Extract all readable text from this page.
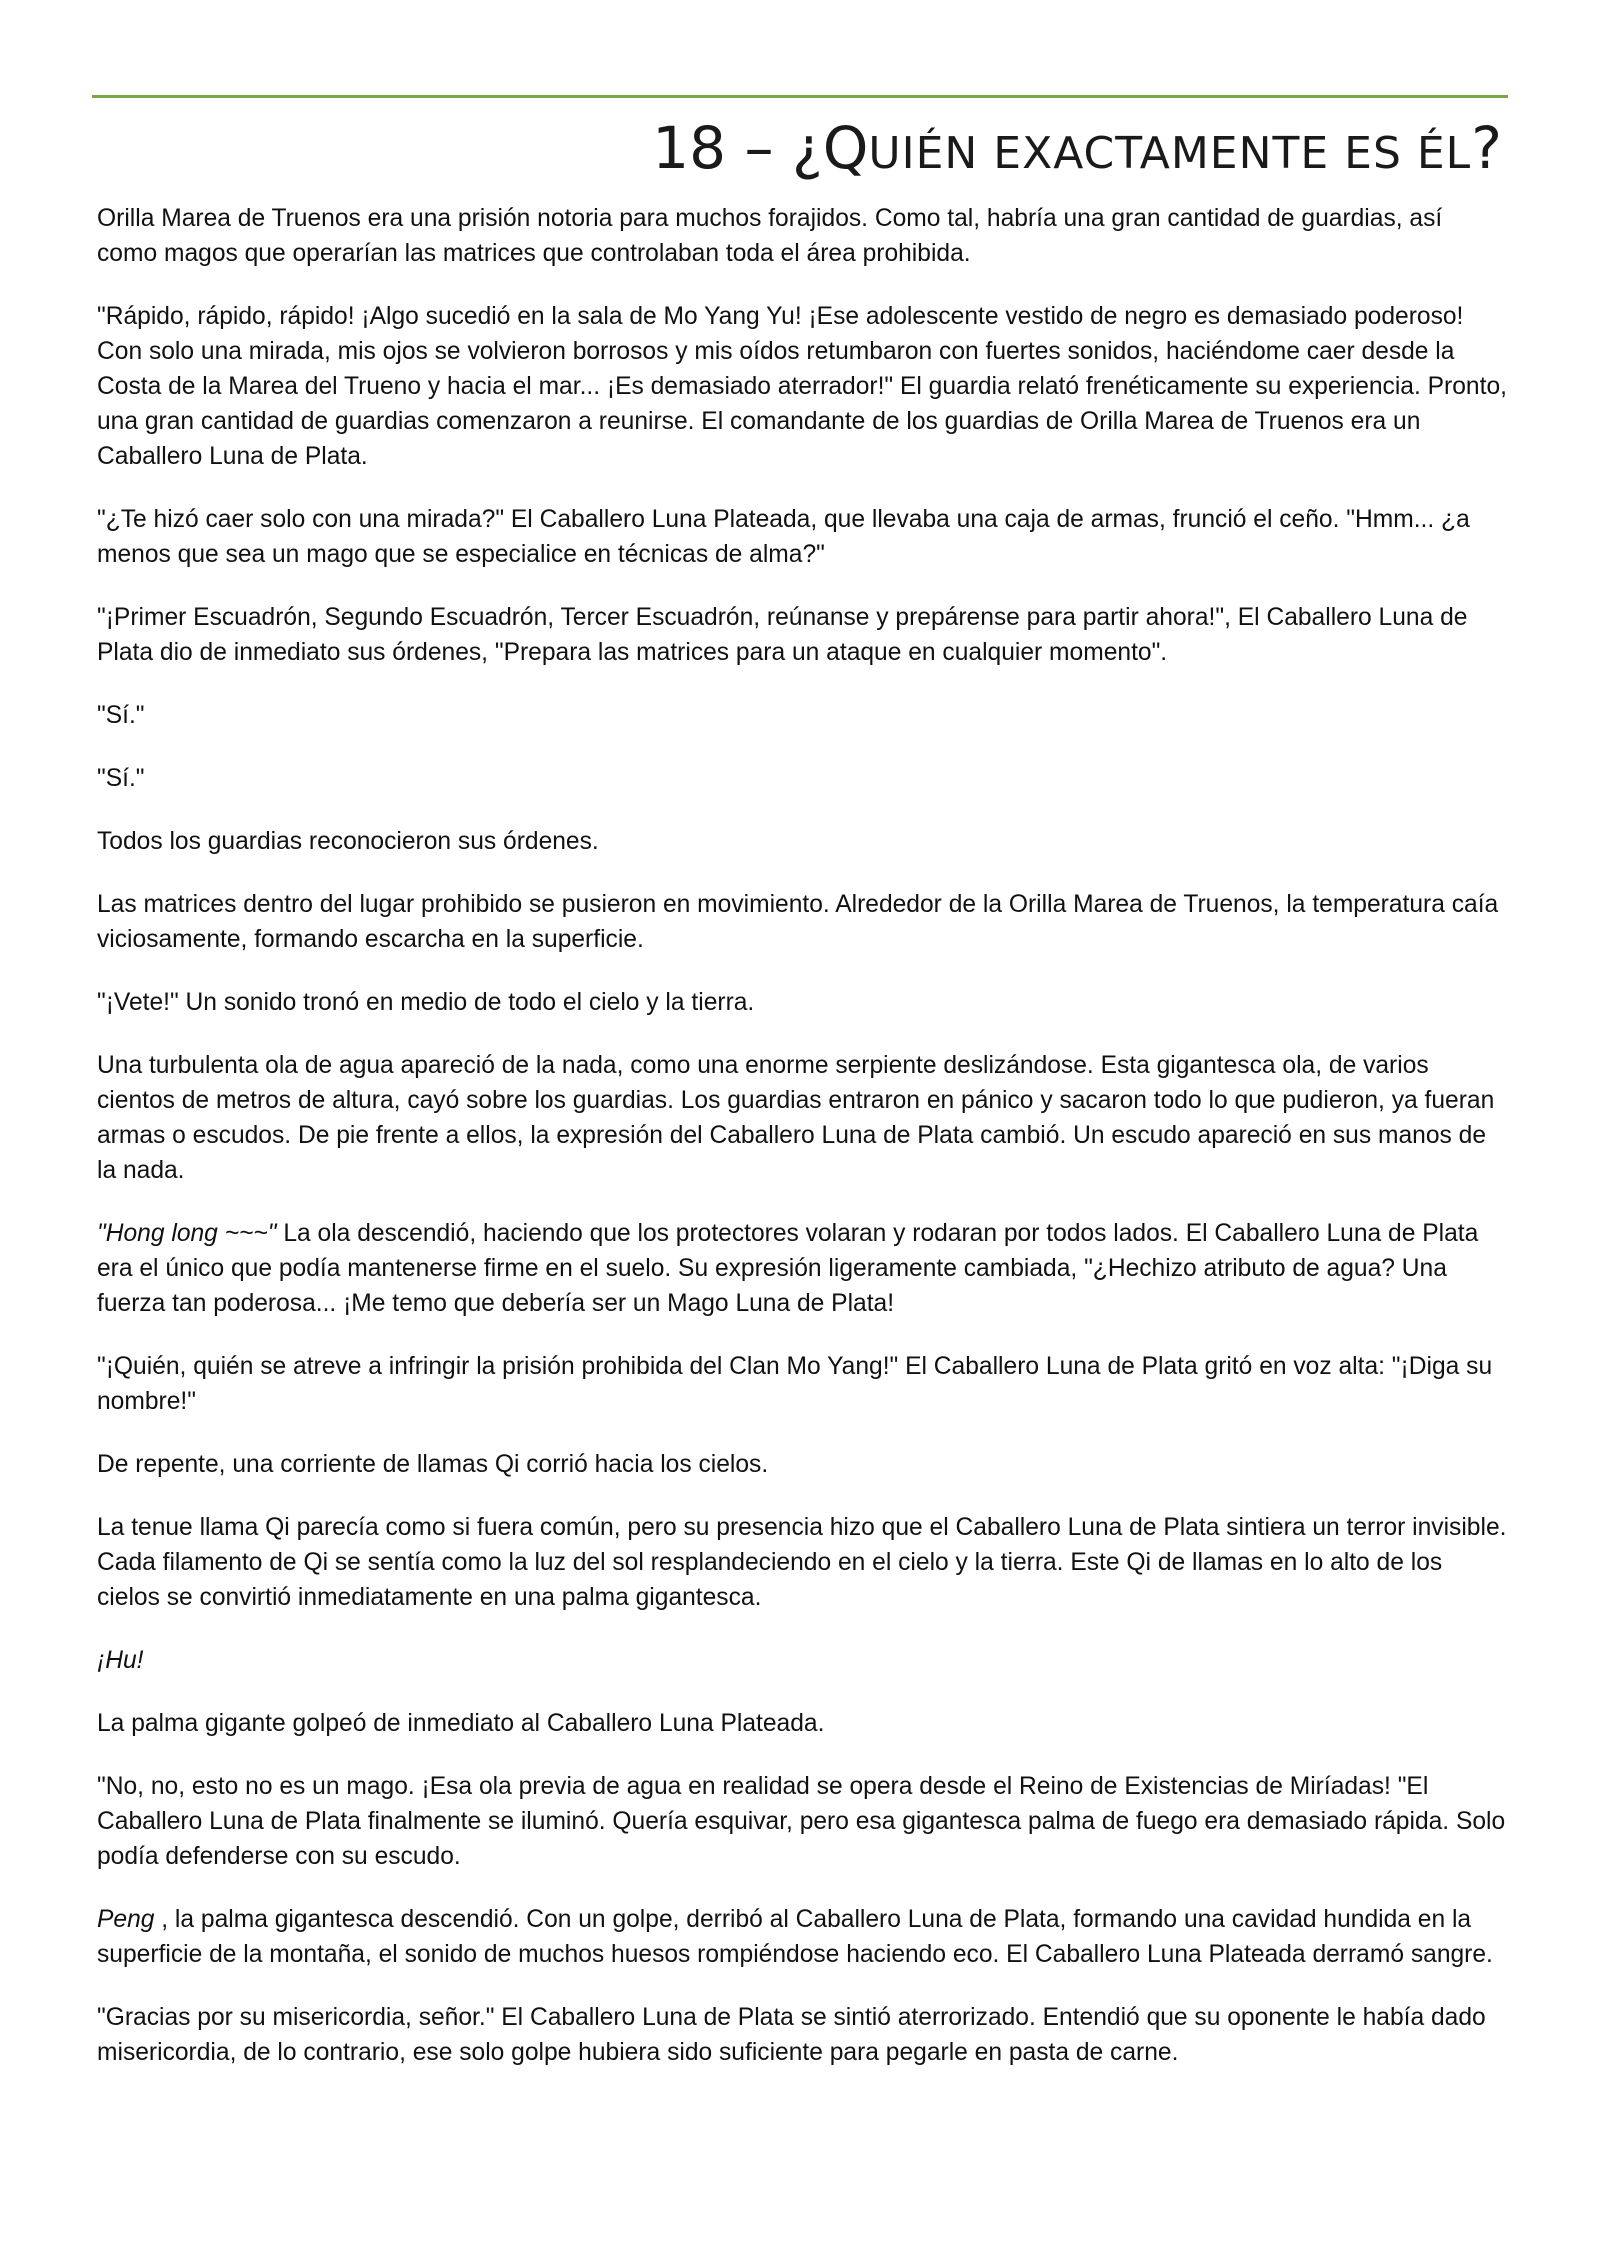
18 – ¿QUIÉN EXACTAMENTE ES ÉL?

Orilla Marea de Truenos era una prisión notoria para muchos forajidos. Como tal, habría una gran cantidad de guardias, así como magos que operarían las matrices que controlaban toda el área prohibida.

"Rápido, rápido, rápido! ¡Algo sucedió en la sala de Mo Yang Yu! ¡Ese adolescente vestido de negro es demasiado poderoso! Con solo una mirada, mis ojos se volvieron borrosos y mis oídos retumbaron con fuertes sonidos, haciéndome caer desde la Costa de la Marea del Trueno y hacia el mar... ¡Es demasiado aterrador!" El guardia relató frenéticamente su experiencia. Pronto, una gran cantidad de guardias comenzaron a reunirse. El comandante de los guardias de Orilla Marea de Truenos era un Caballero Luna de Plata.

"¿Te hizó caer solo con una mirada?" El Caballero Luna Plateada, que llevaba una caja de armas, frunció el ceño. "Hmm... ¿a menos que sea un mago que se especialice en técnicas de alma?"

"¡Primer Escuadrón, Segundo Escuadrón, Tercer Escuadrón, reúnanse y prepárense para partir ahora!", El Caballero Luna de Plata dio de inmediato sus órdenes, "Prepara las matrices para un ataque en cualquier momento".

"Sí."

"Sí."

Todos los guardias reconocieron sus órdenes.

Las matrices dentro del lugar prohibido se pusieron en movimiento. Alrededor de la Orilla Marea de Truenos, la temperatura caía viciosamente, formando escarcha en la superficie.

"¡Vete!" Un sonido tronó en medio de todo el cielo y la tierra.

Una turbulenta ola de agua apareció de la nada, como una enorme serpiente deslizándose. Esta gigantesca ola, de varios cientos de metros de altura, cayó sobre los guardias. Los guardias entraron en pánico y sacaron todo lo que pudieron, ya fueran armas o escudos. De pie frente a ellos, la expresión del Caballero Luna de Plata cambió. Un escudo apareció en sus manos de la nada.

"Hong long ~~~" La ola descendió, haciendo que los protectores volaran y rodaran por todos lados. El Caballero Luna de Plata era el único que podía mantenerse firme en el suelo. Su expresión ligeramente cambiada, "¿Hechizo atributo de agua? Una fuerza tan poderosa... ¡Me temo que debería ser un Mago Luna de Plata!

"¡Quién, quién se atreve a infringir la prisión prohibida del Clan Mo Yang!" El Caballero Luna de Plata gritó en voz alta: "¡Diga su nombre!"

De repente, una corriente de llamas Qi corrió hacia los cielos.

La tenue llama Qi parecía como si fuera común, pero su presencia hizo que el Caballero Luna de Plata sintiera un terror invisible. Cada filamento de Qi se sentía como la luz del sol resplandeciendo en el cielo y la tierra. Este Qi de llamas en lo alto de los cielos se convirtió inmediatamente en una palma gigantesca.

¡Hu!

La palma gigante golpeó de inmediato al Caballero Luna Plateada.

"No, no, esto no es un mago. ¡Esa ola previa de agua en realidad se opera desde el Reino de Existencias de Miríadas! "El Caballero Luna de Plata finalmente se iluminó. Quería esquivar, pero esa gigantesca palma de fuego era demasiado rápida. Solo podía defenderse con su escudo.

Peng , la palma gigantesca descendió. Con un golpe, derribó al Caballero Luna de Plata, formando una cavidad hundida en la superficie de la montaña, el sonido de muchos huesos rompiéndose haciendo eco. El Caballero Luna Plateada derramó sangre.

"Gracias por su misericordia, señor." El Caballero Luna de Plata se sintió aterrorizado. Entendió que su oponente le había dado misericordia, de lo contrario, ese solo golpe hubiera sido suficiente para pegarle en pasta de carne.
